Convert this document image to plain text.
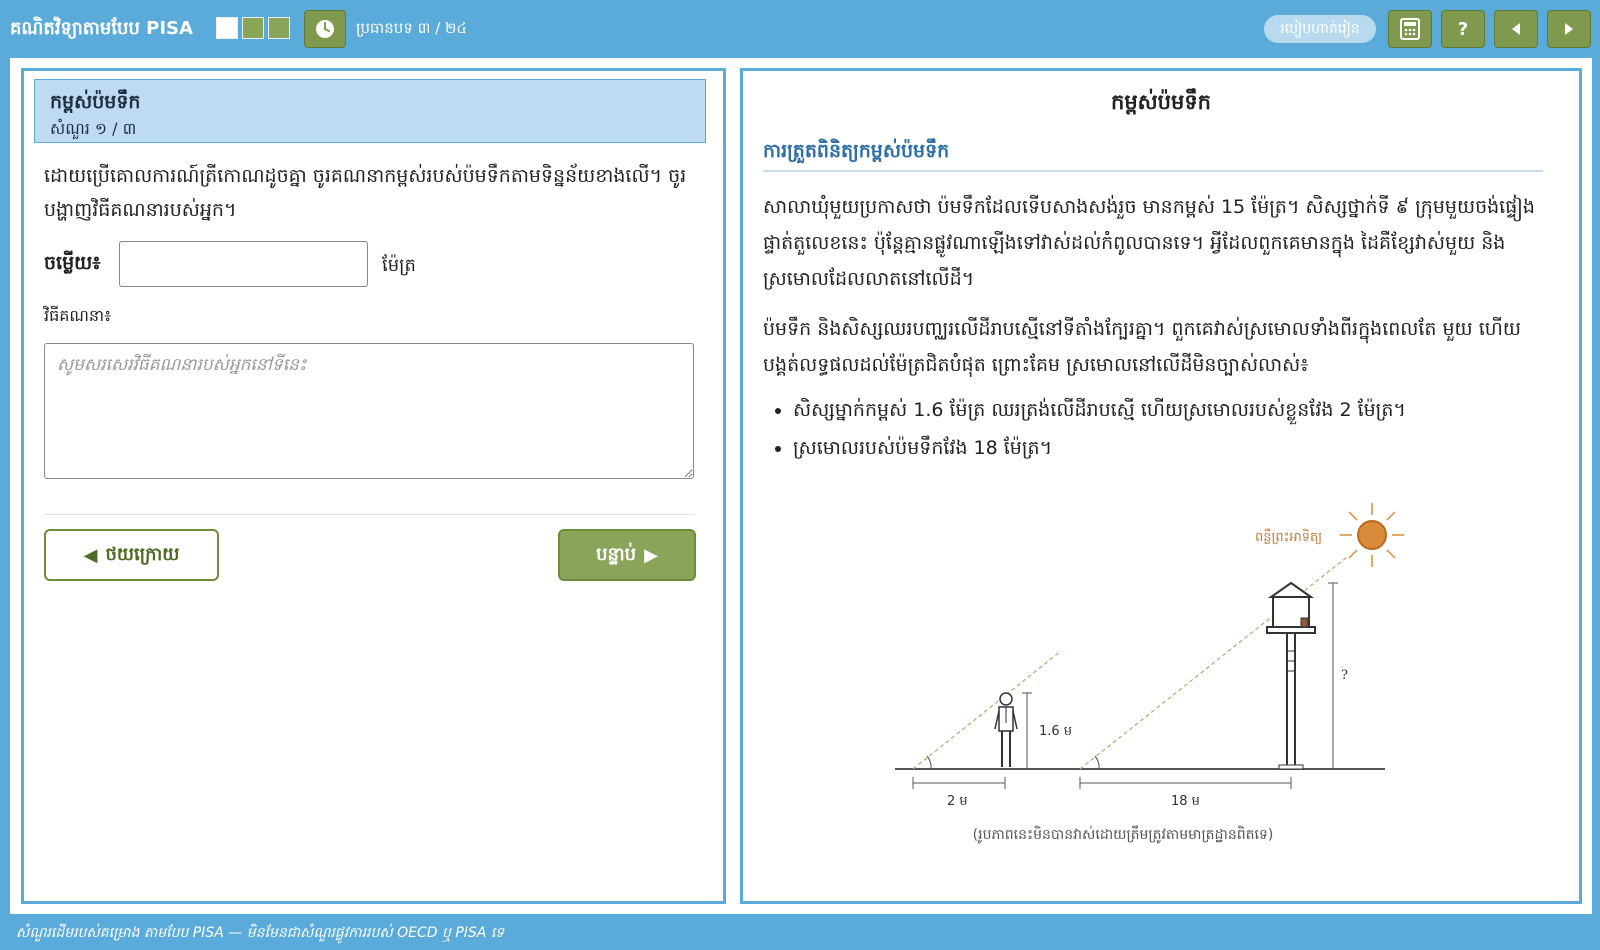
គណិតវិទ្យាតាមបែប PISA	ប្រធានបទ ៣ / ២៤	របៀបហាត់រៀន	?
កម្ពស់ប៉មទឹក
សំណួរ ១ / ៣
ដោយប្រើគោលការណ៍ត្រីកោណដូចគ្នា ចូរគណនាកម្ពស់របស់ប៉មទឹកតាមទិន្នន័យខាងលើ។ ចូរបង្ហាញវិធីគណនារបស់អ្នក។
ចម្លើយ៖	ម៉ែត្រ
វិធីគណនា៖
សូមសរសេរវិធីគណនារបស់អ្នកនៅទីនេះ
◀ ថយក្រោយ	បន្ទាប់ ▶
កម្ពស់ប៉មទឹក
ការត្រួតពិនិត្យកម្ពស់ប៉មទឹក
សាលាឃុំមួយប្រកាសថា ប៉មទឹកដែលទើបសាងសង់រួច មានកម្ពស់ 15 ម៉ែត្រ។ សិស្សថ្នាក់ទី ៩ ក្រុមមួយចង់ផ្ទៀងផ្ទាត់តួលេខនេះ ប៉ុន្តែគ្មានផ្លូវណាឡើងទៅវាស់ដល់កំពូលបានទេ។ អ្វីដែលពួកគេមានក្នុង ដៃគឺខ្សែវាស់មួយ និងស្រមោលដែលលាតនៅលើដី។
ប៉មទឹក និងសិស្សឈរបញ្ឈរលើដីរាបស្មើនៅទីតាំងក្បែរគ្នា។ ពួកគេវាស់ស្រមោលទាំងពីរក្នុងពេលតែ មួយ ហើយបង្គត់លទ្ធផលដល់ម៉ែត្រជិតបំផុត ព្រោះគែម ស្រមោលនៅលើដីមិនច្បាស់លាស់៖
• សិស្សម្នាក់កម្ពស់ 1.6 ម៉ែត្រ ឈរត្រង់លើដីរាបស្មើ ហើយស្រមោលរបស់ខ្លួនវែង 2 ម៉ែត្រ។
• ស្រមោលរបស់ប៉មទឹកវែង 18 ម៉ែត្រ។
ពន្លឺព្រះអាទិត្យ
1.6 ម
?
2 ម	18 ម
(រូបភាពនេះមិនបានវាស់ដោយត្រឹមត្រូវតាមមាត្រដ្ឋានពិតទេ)
សំណួរដើមរបស់គម្រោង តាមបែប PISA — មិនមែនជាសំណួរផ្លូវការរបស់ OECD ឬ PISA ទេ
